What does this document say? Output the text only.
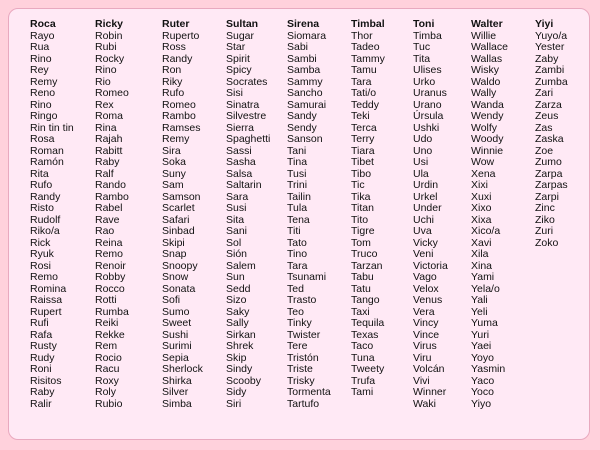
Roca
Rayo
Rua
Rino
Rey
Remy
Reno
Rino
Ringo
Rin tin tin
Rosa
Roman
Ramón
Rita
Rufo
Randy
Risto
Rudolf
Riko/a
Rick
Ryuk
Rosi
Remo
Romina
Raissa
Rupert
Rufi
Rafa
Rusty
Rudy
Roni
Risitos
Raby
Ralir
Ricky
Robin
Rubi
Rocky
Rino
Rio
Romeo
Rex
Roma
Rina
Rajah
Rabitt
Raby
Ralf
Rando
Rambo
Rabel
Rave
Rao
Reina
Remo
Renoir
Robby
Rocco
Rotti
Rumba
Reiki
Rekke
Rem
Rocio
Racu
Roxy
Roly
Rubio
Ruter
Ruperto
Ross
Randy
Ron
Riky
Rufo
Romeo
Rambo
Ramses
Remy
Sira
Soka
Suny
Sam
Samson
Scarlet
Safari
Sinbad
Skipi
Snap
Snoopy
Snow
Sonata
Sofi
Sumo
Sweet
Sushi
Surimi
Sepia
Sherlock
Shirka
Silver
Simba
Sultan
Sugar
Star
Spirit
Spicy
Socrates
Sisi
Sinatra
Silvestre
Sierra
Spaghetti
Sassi
Sasha
Salsa
Saltarin
Sara
Susi
Sita
Sani
Sol
Sión
Salem
Sun
Sedd
Sizo
Saky
Sally
Sirkan
Shrek
Skip
Sindy
Scooby
Sidy
Siri
Sirena
Siomara
Sabi
Sambi
Samba
Sammy
Sancho
Samurai
Sandy
Sendy
Sanson
Tani
Tina
Tusi
Trini
Tailin
Tula
Tena
Titi
Tato
Tino
Tara
Tsunami
Ted
Trasto
Teo
Tinky
Twister
Tere
Tristón
Triste
Trisky
Tormenta
Tartufo
Timbal
Thor
Tadeo
Tammy
Tamu
Tara
Tati/o
Teddy
Teki
Terca
Terry
Tiara
Tibet
Tibo
Tic
Tika
Titan
Tito
Tigre
Tom
Truco
Tarzan
Tabu
Tatu
Tango
Taxi
Tequila
Texas
Taco
Tuna
Tweety
Trufa
Tami
Toni
Timba
Tuc
Tita
Ulises
Urko
Uranus
Urano
Úrsula
Ushki
Udo
Uno
Usi
Ula
Urdin
Urkel
Under
Uchi
Uva
Vicky
Veni
Victoria
Vago
Velox
Venus
Vera
Vincy
Vince
Virus
Viru
Volcán
Vivi
Winner
Waki
Walter
Willie
Wallace
Wallas
Wisky
Waldo
Wally
Wanda
Wendy
Wolfy
Woody
Winnie
Wow
Xena
Xixi
Xuxi
Xixo
Xixa
Xico/a
Xavi
Xila
Xina
Yami
Yela/o
Yali
Yeli
Yuma
Yuri
Yaei
Yoyo
Yasmin
Yaco
Yoco
Yiyo
Yiyi
Yuyo/a
Yester
Zaby
Zambi
Zumba
Zari
Zarza
Zeus
Zas
Zaska
Zoe
Zumo
Zarpa
Zarpas
Zarpi
Zinc
Ziko
Zuri
Zoko
